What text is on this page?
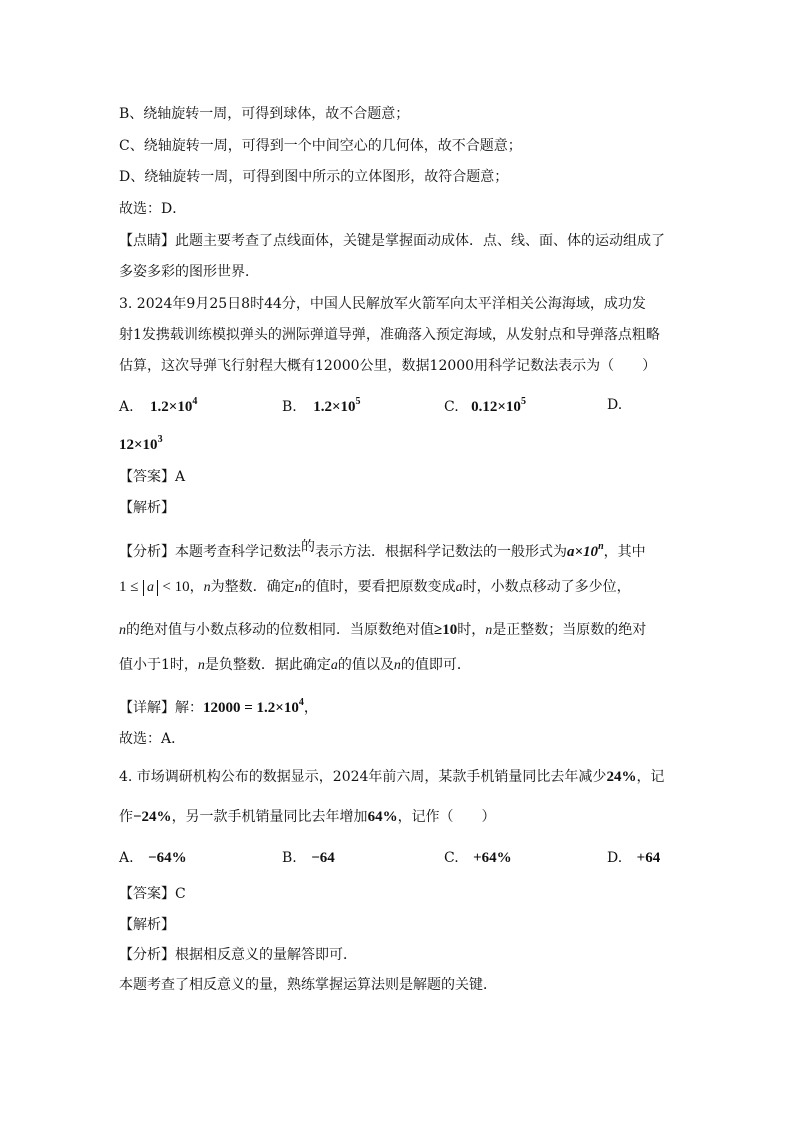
B、绕轴旋转一周，可得到球体，故不合题意；
C、绕轴旋转一周，可得到一个中间空心的几何体，故不合题意；
D、绕轴旋转一周，可得到图中所示的立体图形，故符合题意；
故选：D．
【点睛】此题主要考查了点线面体，关键是掌握面动成体．点、线、面、体的运动组成了
多姿多彩的图形世界．
3. 2024年9月25日8时44分，中国人民解放军火箭军向太平洋相关公海海域，成功发
射1发携载训练模拟弹头的洲际弹道导弹，准确落入预定海域，从发射点和导弹落点粗略
估算，这次导弹飞行射程大概有12000公里，数据12000用科学记数法表示为（　　）
A. $1.2\times 10^4$	B. $1.2\times 10^5$	C. $0.12\times 10^5$	D.
$12\times 10^3$
【答案】A
【解析】
【分析】本题考查科学记数法的表示方法．根据科学记数法的一般形式为$a\times 10^n$，其中
1 ≤ a < 10，n为整数．确定n的值时，要看把原数变成a时，小数点移动了多少位，
n的绝对值与小数点移动的位数相同．当原数绝对值≥10时，n是正整数；当原数的绝对
值小于1时，n是负整数．据此确定a的值以及n的值即可．
【详解】解：$12000 = 1.2\times 10^4$，
故选：A．
4. 市场调研机构公布的数据显示，2024年前六周，某款手机销量同比去年减少24%，记
作−24%，另一款手机销量同比去年增加64%，记作（　　）
A. −64%	B. −64	C. +64%	D. +64
【答案】C
【解析】
【分析】根据相反意义的量解答即可．
本题考查了相反意义的量，熟练掌握运算法则是解题的关键．
